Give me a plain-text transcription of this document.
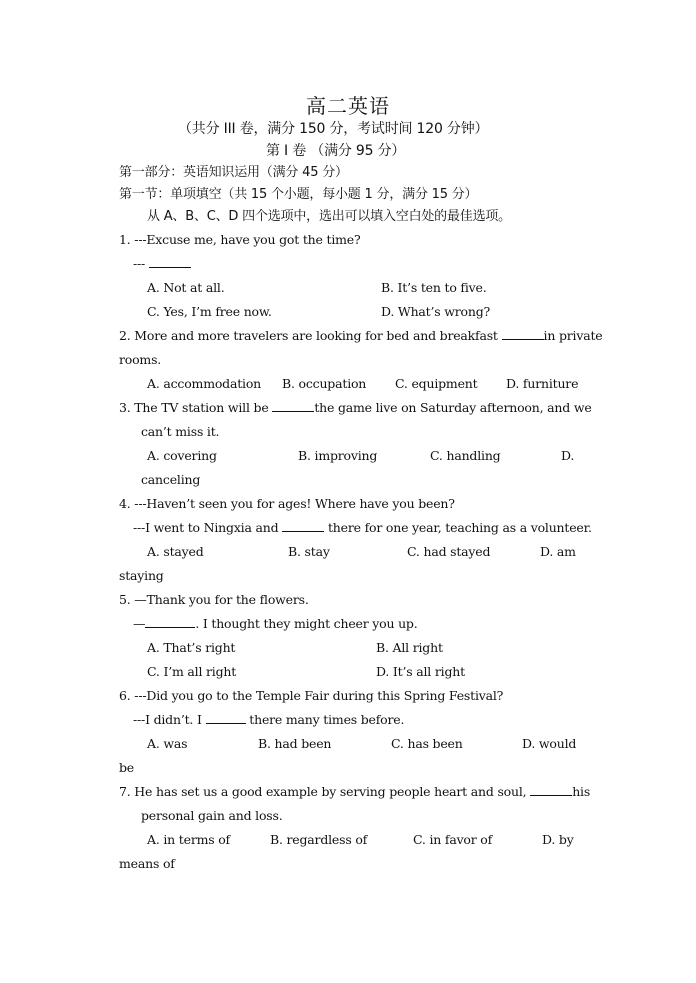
高二英语
（共分 III 卷，满分 150 分，考试时间 120 分钟）
第 I 卷 （满分 95 分）
第一部分：英语知识运用（满分 45 分）
第一节：单项填空（共 15 个小题，每小题 1 分，满分 15 分）
从 A、B、C、D 四个选项中，选出可以填入空白处的最佳选项。
1. ---Excuse me, have you got the time?
---
A. Not at all.	B. It’s ten to five.
C. Yes, I’m free now.	D. What’s wrong?
2. More and more travelers are looking for bed and breakfast	in private
rooms.
A. accommodation B. occupation C. equipment D. furniture
3. The TV station will be	the game live on Saturday afternoon, and we
can’t miss it.
A. covering	B. improving	C. handling	D.
canceling
4. ---Haven’t seen you for ages! Where have you been?
---I went to Ningxia and	there for one year, teaching as a volunteer.
A. stayed	B. stay	C. had stayed	D. am
staying
5. —Thank you for the flowers.
—	. I thought they might cheer you up.
A. That’s right	B. All right
C. I’m all right	D. It’s all right
6. ---Did you go to the Temple Fair during this Spring Festival?
---I didn’t. I	there many times before.
A. was	B. had been	C. has been	D. would
be
7. He has set us a good example by serving people heart and soul,	his
personal gain and loss.
A. in terms of	B. regardless of	C. in favor of	D. by
means of
